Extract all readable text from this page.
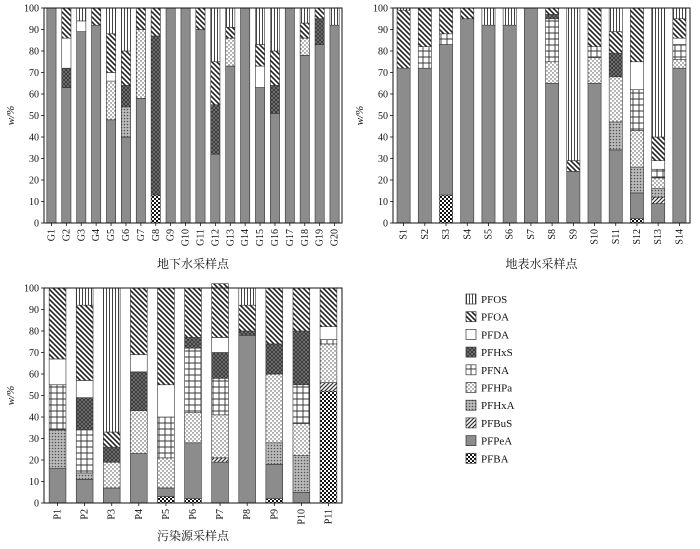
G1 G2 G3 G4 G5 G6 G7 G8 G9 G10 G11 G12 G13 G14 G15 G16 G17 G18 G19 G20
0
10
20
30
40
50
60
70
80
90
100
w/%
地下水采样点
S1 S2 S3 S4 S5 S6 S7 S8 S9 S10 S11 S12 S13 S14
0
10
20
30
40
50
60
70
80
90
100
w/%
地表水采样点
P1 P2 P3 P4 P5 P6 P7 P8 P9 P10 P11
0
10
20
30
40
50
60
70
80
90
100
w/%
污染源采样点
PFOS
PFOA
PFDA
PFHxS
PFNA
PFHPa
PFHxA
PFBuS
PFPeA
PFBA
